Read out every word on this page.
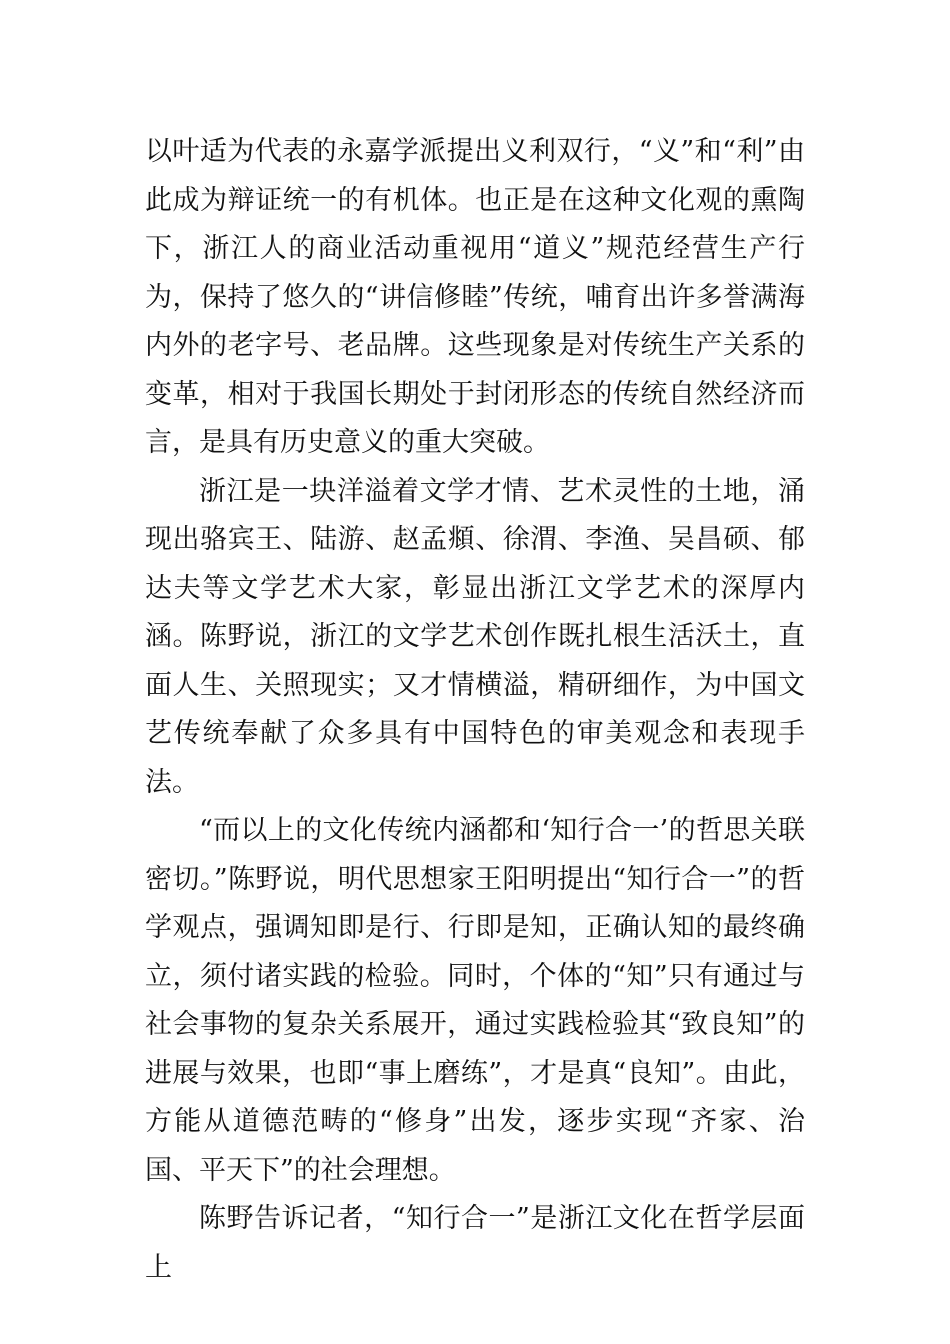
以叶适为代表的永嘉学派提出义利双行，“义”和“利”由此成为辩证统一的有机体。也正是在这种文化观的熏陶下，浙江人的商业活动重视用“道义”规范经营生产行为，保持了悠久的“讲信修睦”传统，哺育出许多誉满海内外的老字号、老品牌。这些现象是对传统生产关系的变革，相对于我国长期处于封闭形态的传统自然经济而言，是具有历史意义的重大突破。

浙江是一块洋溢着文学才情、艺术灵性的土地，涌现出骆宾王、陆游、赵孟頫、徐渭、李渔、吴昌硕、郁达夫等文学艺术大家，彰显出浙江文学艺术的深厚内涵。陈野说，浙江的文学艺术创作既扎根生活沃土，直面人生、关照现实；又才情横溢，精研细作，为中国文艺传统奉献了众多具有中国特色的审美观念和表现手法。

“而以上的文化传统内涵都和‘知行合一’的哲思关联密切。”陈野说，明代思想家王阳明提出“知行合一”的哲学观点，强调知即是行、行即是知，正确认知的最终确立，须付诸实践的检验。同时，个体的“知”只有通过与社会事物的复杂关系展开，通过实践检验其“致良知”的进展与效果，也即“事上磨练”，才是真“良知”。由此，方能从道德范畴的“修身”出发，逐步实现“齐家、治国、平天下”的社会理想。

陈野告诉记者，“知行合一”是浙江文化在哲学层面上
